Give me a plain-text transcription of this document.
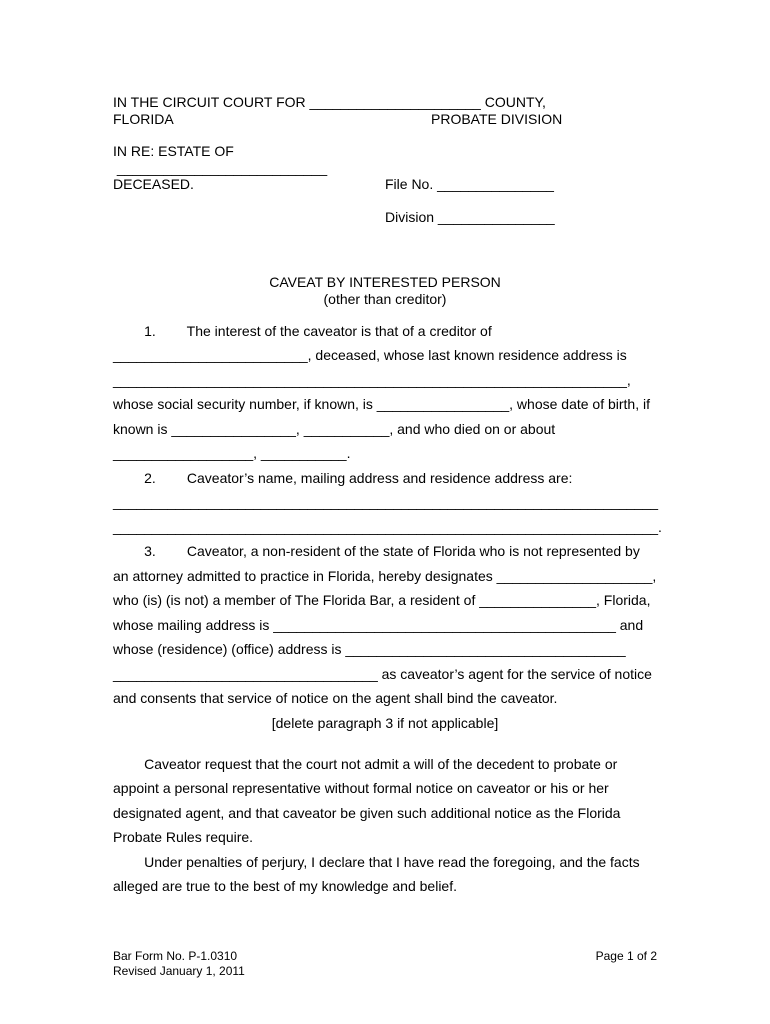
IN THE CIRCUIT COURT FOR ______________________ COUNTY,
FLORIDA	PROBATE DIVISION
IN RE: ESTATE OF
___________________________
DECEASED.	File No. _______________
Division _______________
CAVEAT BY INTERESTED PERSON
(other than creditor)
1.        The interest of the caveator is that of a creditor of
_________________________, deceased, whose last known residence address is
__________________________________________________________________,
whose social security number, if known, is _________________, whose date of birth, if
known is ________________, ___________, and who died on or about
__________________, ___________.
2.        Caveator’s name, mailing address and residence address are:
______________________________________________________________________
______________________________________________________________________.
3.        Caveator, a non-resident of the state of Florida who is not represented by
an attorney admitted to practice in Florida, hereby designates ____________________,
who (is) (is not) a member of The Florida Bar, a resident of _______________, Florida,
whose mailing address is ____________________________________________ and
whose (residence) (office) address is ____________________________________
__________________________________ as caveator’s agent for the service of notice
and consents that service of notice on the agent shall bind the caveator.
[delete paragraph 3 if not applicable]
Caveator request that the court not admit a will of the decedent to probate or
appoint a personal representative without formal notice on caveator or his or her
designated agent, and that caveator be given such additional notice as the Florida
Probate Rules require.
Under penalties of perjury, I declare that I have read the foregoing, and the facts
alleged are true to the best of my knowledge and belief.
Bar Form No. P-1.0310
Revised January 1, 2011
Page 1 of 2
